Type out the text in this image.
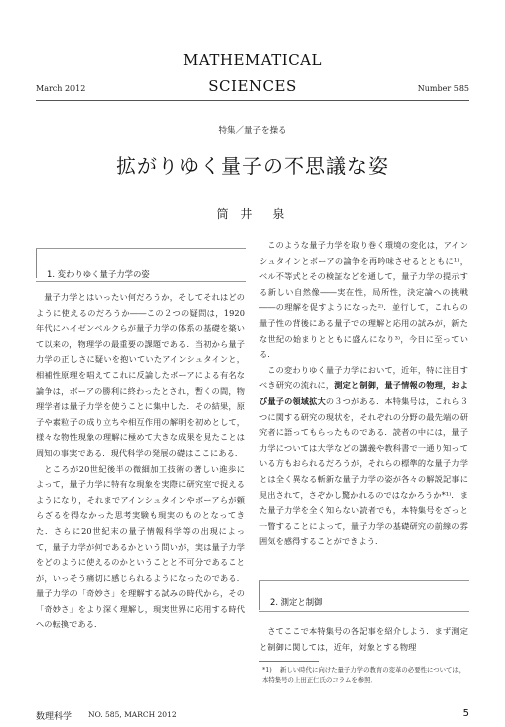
MATHEMATICAL
March 2012	SCIENCES	Number 585
特集／量子を操る
拡がりゆく量子の不思議な姿
筒 井　泉
1. 変わりゆく量子力学の姿

量子力学とはいったい何だろうか，そしてそれはどのように使えるのだろうか――この２つの疑問は，1920年代にハイゼンベルクらが量子力学の体系の基礎を築いて以来の，物理学の最重要の課題である．当初から量子力学の正しさに疑いを抱いていたアインシュタインと，相補性原理を唱えてこれに反論したボーアによる有名な論争は，ボーアの勝利に終わったとされ，暫くの間，物理学者は量子力学を使うことに集中した．その結果，原子や素粒子の成り立ちや相互作用の解明を初めとして，様々な物性現象の理解に極めて大きな成果を見たことは周知の事実である．現代科学の発展の礎はここにある．

ところが20世紀後半の微細加工技術の著しい進歩によって，量子力学に特有な現象を実際に研究室で捉えるようになり，それまでアインシュタインやボーアらが頼らざるを得なかった思考実験も現実のものとなってきた．さらに20世紀末の量子情報科学等の出現によって，量子力学が何であるかという問いが，実は量子力学をどのように使えるのかということと不可分であることが，いっそう痛切に感じられるようになったのである．量子力学の「奇妙さ」を理解する試みの時代から，その「奇妙さ」をより深く理解し，現実世界に応用する時代への転換である．

このような量子力学を取り巻く環境の変化は，アインシュタインとボーアの論争を再吟味させるとともに¹⁾，ベル不等式とその検証などを通して，量子力学の提示する新しい自然像――実在性，局所性，決定論への挑戦――の理解を促すようになった²⁾．並行して，これらの量子性の背後にある量子での理解と応用の試みが，新たな世紀の始まりとともに盛んになり³⁾，今日に至っている．

この変わりゆく量子力学において，近年，特に注目すべき研究の流れに，測定と制御，量子情報の物理，および量子の領域拡大の３つがある．本特集号は，これら３つに関する研究の現状を，それぞれの分野の最先端の研究者に語ってもらったものである．読者の中には，量子力学については大学などの講義や教科書で一通り知っている方もおられるだろうが，それらの標準的な量子力学とは全く異なる斬新な量子力学の姿が各々の解説記事に見出されて，さぞかし驚かれるのではなかろうか*¹⁾．また量子力学を全く知らない読者でも，本特集号をざっと一瞥することによって，量子力学の基礎研究の前線の雰囲気を感得することができよう．

2. 測定と制御

さてここで本特集号の各記事を紹介しよう．まず測定と制御に関しては，近年，対象とする物理

*1) 新しい時代に向けた量子力学の教育の変革の必要性については，本特集号の上田正仁氏のコラムを参照．
数理科学 NO. 585, MARCH 2012	5
